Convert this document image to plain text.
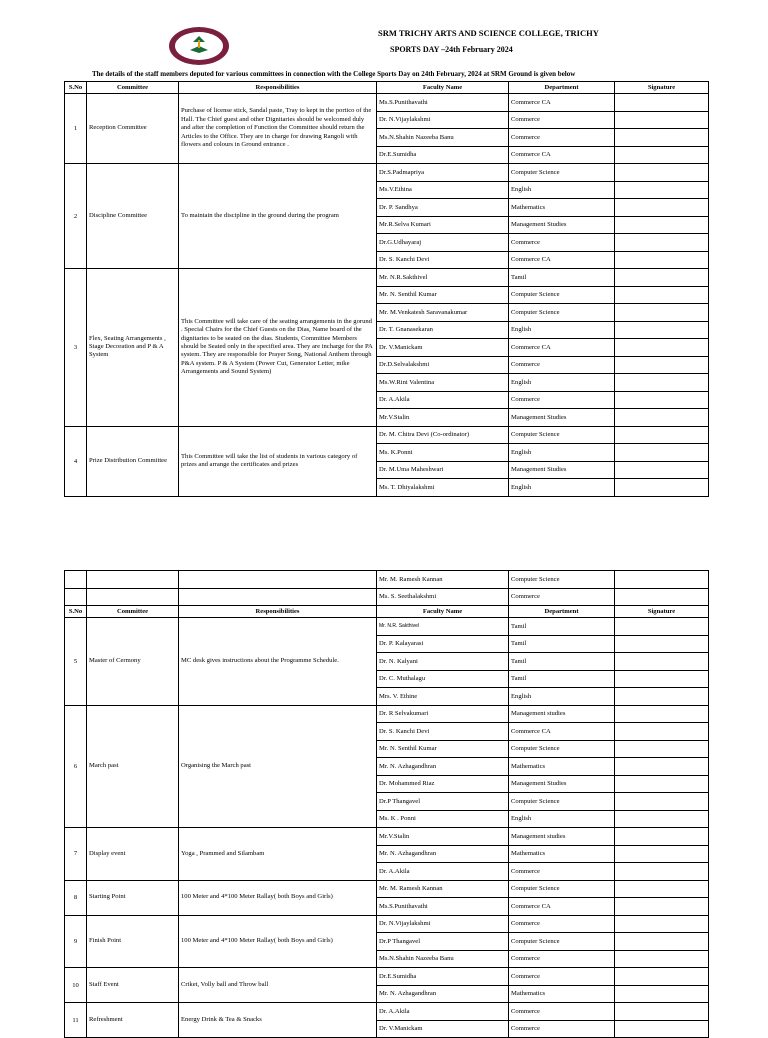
SRM TRICHY ARTS AND SCIENCE COLLEGE, TRICHY
SPORTS DAY –24th February 2024
The details of the staff members deputed for various committees in connection with the College Sports Day on 24th February, 2024 at SRM Ground is given below
S.No	Committee	Responsibilities	Faculty Name	Department	Signature
1	Reception Committee	Purchase of license stick, Sandal paste, Tray to kept in the portico of the Hall. The Chief guest and other Dignitaries should be welcomed duly and after the completion of Function the Committee should return the Articles to the Office. They are in charge for drawing Rangoli with flowers and colours in Ground entrance .	Ms.S.Punithavathi	Commerce CA	
			Dr. N.Vijaylakshmi	Commerce	
			Ms.N.Shahin Nazeeba Banu	Commerce	
			Dr.E.Sumidha	Commerce CA	
2	Discipline Committee	To maintain the discipline in the ground during the program	Dr.S.Padmapriya	Computer Science	
			Ms.V.Ethina	English	
			Dr. P. Sandhya	Mathematics	
			Mr.R.Selva Kumari	Management Studies	
			Dr.G.Udhayaraj	Commerce	
			Dr. S. Kanchi Devi	Commerce CA	
3	Flex, Seating Arrangements , Stage Decoration and P & A System	This Committee will take care of the seating arrangements in the gorund . Special Chairs for the Chief Guests on the Dias, Name board of the dignitaries to be seated on the dias. Students, Committee Members should be Seated only in the specified area. They are incharge for the PA system. They are responsible for Prayer Song, National Anthem through P&A system. P & A System (Power Cut, Generator Letter, mike Arrangements and Sound System)	Mr. N.R.Sakthivel	Tamil	
			Mr. N. Senthil Kumar	Computer Science	
			Mr. M.Venkatesh Saravanakumar	Computer Science	
			Dr. T. Gnanasekaran	English	
			Dr. V.Manickam	Commerce CA	
			Dr.D.Selvalakshmi	Commerce	
			Ms.W.Rini Valentina	English	
			Dr. A.Akila	Commerce	
			Mr.V.Stalin	Management Studies	
4	Prize Distribution Committee	This Committee will take the list of students in various category of prizes and arrange the certificates and prizes	Dr. M. Chitra Devi (Co-ordinator)	Computer Science	
			Ms. K.Ponni	English	
			Dr. M.Uma Maheshwari	Management Studies	
			Ms. T. Dhiyalakshmi	English	
			Mr. M. Ramesh Kannan	Computer Science	
			Ms. S. Seethalakshmi	Commerce	
S.No	Committee	Responsibilities	Faculty Name	Department	Signature
5	Master of Cermony	MC desk gives instructions about the Programme Schedule.	Mr. N.R. Sakthivel	Tamil	
			Dr. P. Kalayarasi	Tamil	
			Dr. N. Kalyani	Tamil	
			Dr. C. Muthalagu	Tamil	
			Mrs. V. Ethine	English	
6	March past	Organising the March past	Dr. R Selvakumari	Management studies	
			Dr. S. Kanchi Devi	Commerce CA	
			Mr. N. Senthil Kumar	Computer Science	
			Mr. N. Azhagandhran	Mathematics	
			Dr. Mohammed Riaz	Management Studies	
			Dr.P Thangavel	Computer Science	
			Ms. K . Ponni	English	
7	Display event	Yoga , Prammed and Silambam	Mr.V.Stalin	Management studies	
			Mr. N. Azhagandhran	Mathematics	
			Dr. A.Akila	Commerce	
8	Starting Point	100 Meter and 4*100 Meter Rallay( both Boys and Girls)	Mr. M. Ramesh Kannan	Computer Science	
			Ms.S.Punithavathi	Commerce CA	
9	Finish Point	100 Meter and 4*100 Meter Rallay( both Boys and Girls)	Dr. N.Vijaylakshmi	Commerce	
			Dr.P Thangavel	Computer Science	
			Ms.N.Shahin Nazeeba Banu	Commerce	
10	Staff Event	Criket, Volly ball and Throw ball	Dr.E.Sumidha	Commerce	
			Mr. N. Azhagandhran	Mathematics	
11	Refreshment	Energy Drink & Tea & Snacks	Dr. A.Akila	Commerce	
			Dr. V.Manickam	Commerce	
